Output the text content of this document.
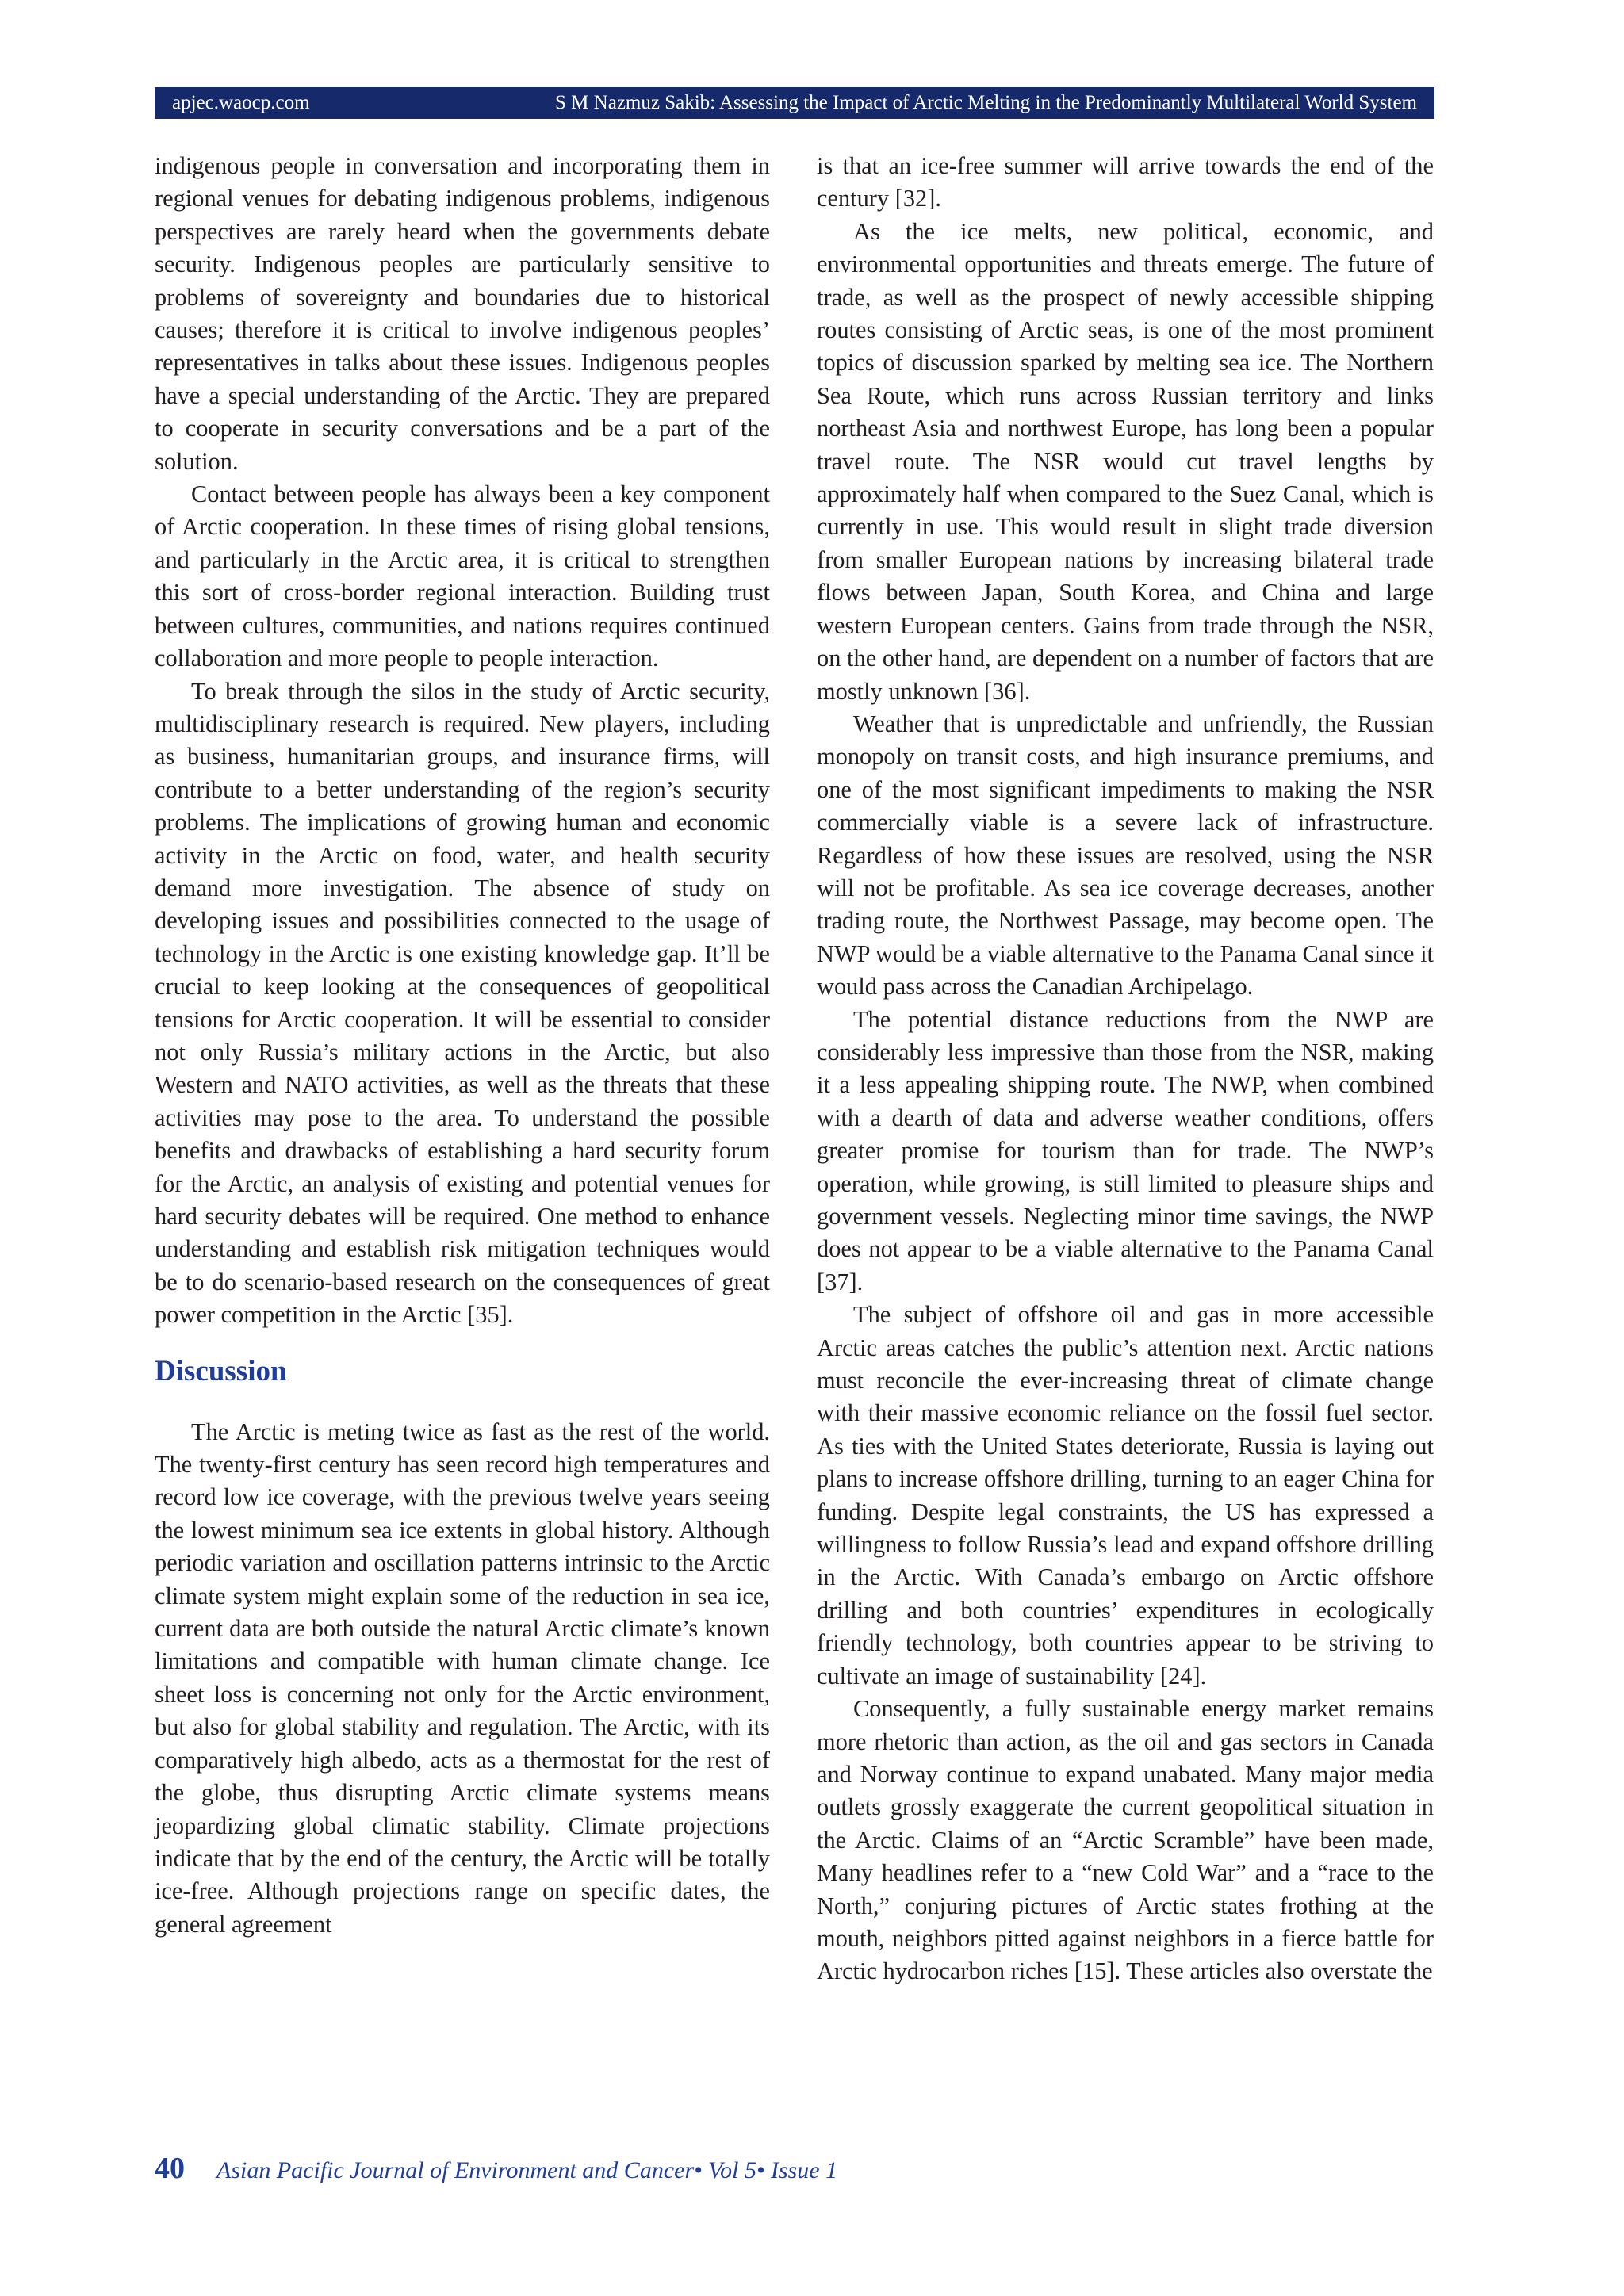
apjec.waocp.com	S M Nazmuz Sakib: Assessing the Impact of Arctic Melting in the Predominantly Multilateral World System

indigenous people in conversation and incorporating them in regional venues for debating indigenous problems, indigenous perspectives are rarely heard when the governments debate security. Indigenous peoples are particularly sensitive to problems of sovereignty and boundaries due to historical causes; therefore it is critical to involve indigenous peoples’ representatives in talks about these issues. Indigenous peoples have a special understanding of the Arctic. They are prepared to cooperate in security conversations and be a part of the solution.

Contact between people has always been a key component of Arctic cooperation. In these times of rising global tensions, and particularly in the Arctic area, it is critical to strengthen this sort of cross-border regional interaction. Building trust between cultures, communities, and nations requires continued collaboration and more people to people interaction.

To break through the silos in the study of Arctic security, multidisciplinary research is required. New players, including as business, humanitarian groups, and insurance firms, will contribute to a better understanding of the region’s security problems. The implications of growing human and economic activity in the Arctic on food, water, and health security demand more investigation. The absence of study on developing issues and possibilities connected to the usage of technology in the Arctic is one existing knowledge gap. It’ll be crucial to keep looking at the consequences of geopolitical tensions for Arctic cooperation. It will be essential to consider not only Russia’s military actions in the Arctic, but also Western and NATO activities, as well as the threats that these activities may pose to the area. To understand the possible benefits and drawbacks of establishing a hard security forum for the Arctic, an analysis of existing and potential venues for hard security debates will be required. One method to enhance understanding and establish risk mitigation techniques would be to do scenario-based research on the consequences of great power competition in the Arctic [35].

Discussion

The Arctic is meting twice as fast as the rest of the world. The twenty-first century has seen record high temperatures and record low ice coverage, with the previous twelve years seeing the lowest minimum sea ice extents in global history. Although periodic variation and oscillation patterns intrinsic to the Arctic climate system might explain some of the reduction in sea ice, current data are both outside the natural Arctic climate’s known limitations and compatible with human climate change. Ice sheet loss is concerning not only for the Arctic environment, but also for global stability and regulation. The Arctic, with its comparatively high albedo, acts as a thermostat for the rest of the globe, thus disrupting Arctic climate systems means jeopardizing global climatic stability. Climate projections indicate that by the end of the century, the Arctic will be totally ice-free. Although projections range on specific dates, the general agreement

is that an ice-free summer will arrive towards the end of the century [32].

As the ice melts, new political, economic, and environmental opportunities and threats emerge. The future of trade, as well as the prospect of newly accessible shipping routes consisting of Arctic seas, is one of the most prominent topics of discussion sparked by melting sea ice. The Northern Sea Route, which runs across Russian territory and links northeast Asia and northwest Europe, has long been a popular travel route. The NSR would cut travel lengths by approximately half when compared to the Suez Canal, which is currently in use. This would result in slight trade diversion from smaller European nations by increasing bilateral trade flows between Japan, South Korea, and China and large western European centers. Gains from trade through the NSR, on the other hand, are dependent on a number of factors that are mostly unknown [36].

Weather that is unpredictable and unfriendly, the Russian monopoly on transit costs, and high insurance premiums, and one of the most significant impediments to making the NSR commercially viable is a severe lack of infrastructure. Regardless of how these issues are resolved, using the NSR will not be profitable. As sea ice coverage decreases, another trading route, the Northwest Passage, may become open. The NWP would be a viable alternative to the Panama Canal since it would pass across the Canadian Archipelago.

The potential distance reductions from the NWP are considerably less impressive than those from the NSR, making it a less appealing shipping route. The NWP, when combined with a dearth of data and adverse weather conditions, offers greater promise for tourism than for trade. The NWP’s operation, while growing, is still limited to pleasure ships and government vessels. Neglecting minor time savings, the NWP does not appear to be a viable alternative to the Panama Canal [37].

The subject of offshore oil and gas in more accessible Arctic areas catches the public’s attention next. Arctic nations must reconcile the ever-increasing threat of climate change with their massive economic reliance on the fossil fuel sector. As ties with the United States deteriorate, Russia is laying out plans to increase offshore drilling, turning to an eager China for funding. Despite legal constraints, the US has expressed a willingness to follow Russia’s lead and expand offshore drilling in the Arctic. With Canada’s embargo on Arctic offshore drilling and both countries’ expenditures in ecologically friendly technology, both countries appear to be striving to cultivate an image of sustainability [24].

Consequently, a fully sustainable energy market remains more rhetoric than action, as the oil and gas sectors in Canada and Norway continue to expand unabated. Many major media outlets grossly exaggerate the current geopolitical situation in the Arctic. Claims of an “Arctic Scramble” have been made, Many headlines refer to a “new Cold War” and a “race to the North,” conjuring pictures of Arctic states frothing at the mouth, neighbors pitted against neighbors in a fierce battle for Arctic hydrocarbon riches [15]. These articles also overstate the

40 Asian Pacific Journal of Environment and Cancer• Vol 5• Issue 1
